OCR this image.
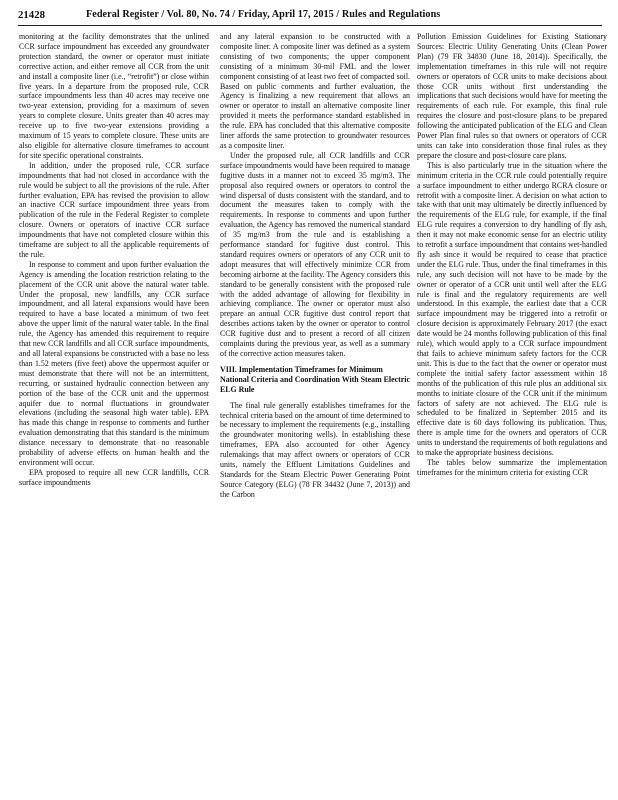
21428	Federal Register / Vol. 80, No. 74 / Friday, April 17, 2015 / Rules and Regulations

monitoring at the facility demonstrates that the unlined CCR surface impoundment has exceeded any groundwater protection standard, the owner or operator must initiate corrective action, and either remove all CCR from the unit and install a composite liner (i.e., “retrofit”) or close within five years. In a departure from the proposed rule, CCR surface impoundments less than 40 acres may receive one two-year extension, providing for a maximum of seven years to complete closure. Units greater than 40 acres may receive up to five two-year extensions providing a maximum of 15 years to complete closure. These units are also eligible for alternative closure timeframes to account for site specific operational constraints.

In addition, under the proposed rule, CCR surface impoundments that had not closed in accordance with the rule would be subject to all the provisions of the rule. After further evaluation, EPA has revised the provision to allow an inactive CCR surface impoundment three years from publication of the rule in the Federal Register to complete closure. Owners or operators of inactive CCR surface impoundments that have not completed closure within this timeframe are subject to all the applicable requirements of the rule.

In response to comment and upon further evaluation the Agency is amending the location restriction relating to the placement of the CCR unit above the natural water table. Under the proposal, new landfills, any CCR surface impoundment, and all lateral expansions would have been required to have a base located a minimum of two feet above the upper limit of the natural water table. In the final rule, the Agency has amended this requirement to require that new CCR landfills and all CCR surface impoundments, and all lateral expansions be constructed with a base no less than 1.52 meters (five feet) above the uppermost aquifer or must demonstrate that there will not be an intermittent, recurring, or sustained hydraulic connection between any portion of the base of the CCR unit and the uppermost aquifer due to normal fluctuations in groundwater elevations (including the seasonal high water table). EPA has made this change in response to comments and further evaluation demonstrating that this standard is the minimum distance necessary to demonstrate that no reasonable probability of adverse effects on human health and the environment will occur.

EPA proposed to require all new CCR landfills, CCR surface impoundments

and any lateral expansion to be constructed with a composite liner. A composite liner was defined as a system consisting of two components; the upper component consisting of a minimum 30-mil FML and the lower component consisting of at least two feet of compacted soil. Based on public comments and further evaluation, the Agency is finalizing a new requirement that allows an owner or operator to install an alternative composite liner provided it meets the performance standard established in the rule. EPA has concluded that this alternative composite liner affords the same protection to groundwater resources as a composite liner.

Under the proposed rule, all CCR landfills and CCR surface impoundments would have been required to manage fugitive dusts in a manner not to exceed 35 mg/m3. The proposal also required owners or operators to control the wind dispersal of dusts consistent with the standard, and to document the measures taken to comply with the requirements. In response to comments and upon further evaluation, the Agency has removed the numerical standard of 35 mg/m3 from the rule and is establishing a performance standard for fugitive dust control. This standard requires owners or operators of any CCR unit to adopt measures that will effectively minimize CCR from becoming airborne at the facility. The Agency considers this standard to be generally consistent with the proposed rule with the added advantage of allowing for flexibility in achieving compliance. The owner or operator must also prepare an annual CCR fugitive dust control report that describes actions taken by the owner or operator to control CCR fugitive dust and to present a record of all citizen complaints during the previous year, as well as a summary of the corrective action measures taken.

VIII. Implementation Timeframes for Minimum National Criteria and Coordination With Steam Electric ELG Rule

The final rule generally establishes timeframes for the technical criteria based on the amount of time determined to be necessary to implement the requirements (e.g., installing the groundwater monitoring wells). In establishing these timeframes, EPA also accounted for other Agency rulemakings that may affect owners or operators of CCR units, namely the Effluent Limitations Guidelines and Standards for the Steam Electric Power Generating Point Source Category (ELG) (78 FR 34432 (June 7, 2013)) and the Carbon

Pollution Emission Guidelines for Existing Stationary Sources: Electric Utility Generating Units (Clean Power Plan) (79 FR 34830 (June 18, 2014)). Specifically, the implementation timeframes in this rule will not require owners or operators of CCR units to make decisions about those CCR units without first understanding the implications that such decisions would have for meeting the requirements of each rule. For example, this final rule requires the closure and post-closure plans to be prepared following the anticipated publication of the ELG and Clean Power Plan final rules so that owners or operators of CCR units can take into consideration those final rules as they prepare the closure and post-closure care plans.

This is also particularly true in the situation where the minimum criteria in the CCR rule could potentially require a surface impoundment to either undergo RCRA closure or retrofit with a composite liner. A decision on what action to take with that unit may ultimately be directly influenced by the requirements of the ELG rule, for example, if the final ELG rule requires a conversion to dry handling of fly ash, then it may not make economic sense for an electric utility to retrofit a surface impoundment that contains wet-handled fly ash since it would be required to cease that practice under the ELG rule. Thus, under the final timeframes in this rule, any such decision will not have to be made by the owner or operator of a CCR unit until well after the ELG rule is final and the regulatory requirements are well understood. In this example, the earliest date that a CCR surface impoundment may be triggered into a retrofit or closure decision is approximately February 2017 (the exact date would be 24 months following publication of this final rule), which would apply to a CCR surface impoundment that fails to achieve minimum safety factors for the CCR unit. This is due to the fact that the owner or operator must complete the initial safety factor assessment within 18 months of the publication of this rule plus an additional six months to initiate closure of the CCR unit if the minimum factors of safety are not achieved. The ELG rule is scheduled to be finalized in September 2015 and its effective date is 60 days following its publication. Thus, there is ample time for the owners and operators of CCR units to understand the requirements of both regulations and to make the appropriate business decisions.

The tables below summarize the implementation timeframes for the minimum criteria for existing CCR
